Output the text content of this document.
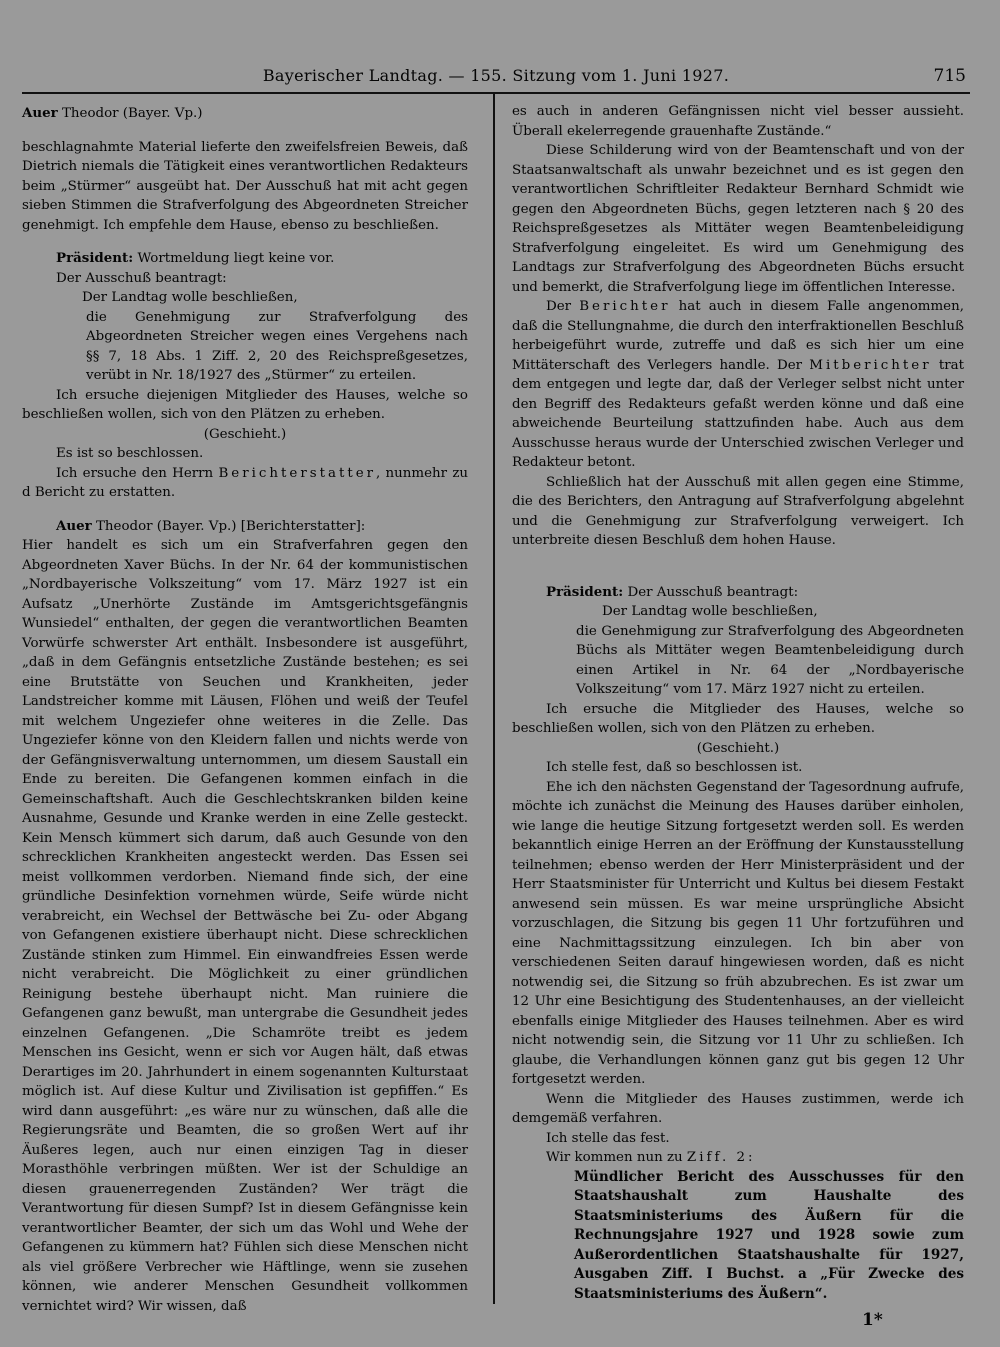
Bayerischer Landtag. — 155. Sitzung vom 1. Juni 1927.	715

Auer Theodor (Bayer. Vp.)

beschlagnahmte Material lieferte den zweifelsfreien Beweis, daß Dietrich niemals die Tätigkeit eines verantwortlichen Redakteurs beim „Stürmer“ ausgeübt hat. Der Ausschuß hat mit acht gegen sieben Stimmen die Strafverfolgung des Abgeordneten Streicher genehmigt. Ich empfehle dem Hause, ebenso zu beschließen.

Präsident: Wortmeldung liegt keine vor.

Der Ausschuß beantragt:

Der Landtag wolle beschließen,

die Genehmigung zur Strafverfolgung des Abgeordneten Streicher wegen eines Vergehens nach §§ 7, 18 Abs. 1 Ziff. 2, 20 des Reichspreßgesetzes, verübt in Nr. 18/1927 des „Stürmer“ zu erteilen.

Ich ersuche diejenigen Mitglieder des Hauses, welche so beschließen wollen, sich von den Plätzen zu erheben.

(Geschieht.)

Es ist so beschlossen.

Ich ersuche den Herrn Berichterstatter, nunmehr zu d Bericht zu erstatten.

Auer Theodor (Bayer. Vp.) [Berichterstatter]:

Hier handelt es sich um ein Strafverfahren gegen den Abgeordneten Xaver Büchs. In der Nr. 64 der kommunistischen „Nordbayerische Volkszeitung“ vom 17. März 1927 ist ein Aufsatz „Unerhörte Zustände im Amtsgerichtsgefängnis Wunsiedel“ enthalten, der gegen die verantwortlichen Beamten Vorwürfe schwerster Art enthält. Insbesondere ist ausgeführt, „daß in dem Gefängnis entsetzliche Zustände bestehen; es sei eine Brutstätte von Seuchen und Krankheiten, jeder Landstreicher komme mit Läusen, Flöhen und weiß der Teufel mit welchem Ungeziefer ohne weiteres in die Zelle. Das Ungeziefer könne von den Kleidern fallen und nichts werde von der Gefängnisverwaltung unternommen, um diesem Saustall ein Ende zu bereiten. Die Gefangenen kommen einfach in die Gemeinschaftshaft. Auch die Geschlechtskranken bilden keine Ausnahme, Gesunde und Kranke werden in eine Zelle gesteckt. Kein Mensch kümmert sich darum, daß auch Gesunde von den schrecklichen Krankheiten angesteckt werden. Das Essen sei meist vollkommen verdorben. Niemand finde sich, der eine gründliche Desinfektion vornehmen würde, Seife würde nicht verabreicht, ein Wechsel der Bettwäsche bei Zu- oder Abgang von Gefangenen existiere überhaupt nicht. Diese schrecklichen Zustände stinken zum Himmel. Ein einwandfreies Essen werde nicht verabreicht. Die Möglichkeit zu einer gründlichen Reinigung bestehe überhaupt nicht. Man ruiniere die Gefangenen ganz bewußt, man untergrabe die Gesundheit jedes einzelnen Gefangenen. „Die Schamröte treibt es jedem Menschen ins Gesicht, wenn er sich vor Augen hält, daß etwas Derartiges im 20. Jahrhundert in einem sogenannten Kulturstaat möglich ist. Auf diese Kultur und Zivilisation ist gepfiffen.“ Es wird dann ausgeführt: „es wäre nur zu wünschen, daß alle die Regierungsräte und Beamten, die so großen Wert auf ihr Äußeres legen, auch nur einen einzigen Tag in dieser Morasthöhle verbringen müßten. Wer ist der Schuldige an diesen grauenerregenden Zuständen? Wer trägt die Verantwortung für diesen Sumpf? Ist in diesem Gefängnisse kein verantwortlicher Beamter, der sich um das Wohl und Wehe der Gefangenen zu kümmern hat? Fühlen sich diese Menschen nicht als viel größere Verbrecher wie Häftlinge, wenn sie zusehen können, wie anderer Menschen Gesundheit vollkommen vernichtet wird? Wir wissen, daß

es auch in anderen Gefängnissen nicht viel besser aussieht. Überall ekelerregende grauenhafte Zustände.“

Diese Schilderung wird von der Beamtenschaft und von der Staatsanwaltschaft als unwahr bezeichnet und es ist gegen den verantwortlichen Schriftleiter Redakteur Bernhard Schmidt wie gegen den Abgeordneten Büchs, gegen letzteren nach § 20 des Reichspreßgesetzes als Mittäter wegen Beamtenbeleidigung Strafverfolgung eingeleitet. Es wird um Genehmigung des Landtags zur Strafverfolgung des Abgeordneten Büchs ersucht und bemerkt, die Strafverfolgung liege im öffentlichen Interesse.

Der Berichter hat auch in diesem Falle angenommen, daß die Stellungnahme, die durch den interfraktionellen Beschluß herbeigeführt wurde, zutreffe und daß es sich hier um eine Mittäterschaft des Verlegers handle. Der Mitberichter trat dem entgegen und legte dar, daß der Verleger selbst nicht unter den Begriff des Redakteurs gefaßt werden könne und daß eine abweichende Beurteilung stattzufinden habe. Auch aus dem Ausschusse heraus wurde der Unterschied zwischen Verleger und Redakteur betont.

Schließlich hat der Ausschuß mit allen gegen eine Stimme, die des Berichters, den Antragung auf Strafverfolgung abgelehnt und die Genehmigung zur Strafverfolgung verweigert. Ich unterbreite diesen Beschluß dem hohen Hause.

Präsident: Der Ausschuß beantragt:

Der Landtag wolle beschließen,

die Genehmigung zur Strafverfolgung des Abgeordneten Büchs als Mittäter wegen Beamtenbeleidigung durch einen Artikel in Nr. 64 der „Nordbayerische Volkszeitung“ vom 17. März 1927 nicht zu erteilen.

Ich ersuche die Mitglieder des Hauses, welche so beschließen wollen, sich von den Plätzen zu erheben.

(Geschieht.)

Ich stelle fest, daß so beschlossen ist.

Ehe ich den nächsten Gegenstand der Tagesordnung aufrufe, möchte ich zunächst die Meinung des Hauses darüber einholen, wie lange die heutige Sitzung fortgesetzt werden soll. Es werden bekanntlich einige Herren an der Eröffnung der Kunstausstellung teilnehmen; ebenso werden der Herr Ministerpräsident und der Herr Staatsminister für Unterricht und Kultus bei diesem Festakt anwesend sein müssen. Es war meine ursprüngliche Absicht vorzuschlagen, die Sitzung bis gegen 11 Uhr fortzuführen und eine Nachmittagssitzung einzulegen. Ich bin aber von verschiedenen Seiten darauf hingewiesen worden, daß es nicht notwendig sei, die Sitzung so früh abzubrechen. Es ist zwar um 12 Uhr eine Besichtigung des Studentenhauses, an der vielleicht ebenfalls einige Mitglieder des Hauses teilnehmen. Aber es wird nicht notwendig sein, die Sitzung vor 11 Uhr zu schließen. Ich glaube, die Verhandlungen können ganz gut bis gegen 12 Uhr fortgesetzt werden.

Wenn die Mitglieder des Hauses zustimmen, werde ich demgemäß verfahren.

Ich stelle das fest.

Wir kommen nun zu Ziff. 2:

Mündlicher Bericht des Ausschusses für den Staatshaushalt zum Haushalte des Staatsministeriums des Äußern für die Rechnungsjahre 1927 und 1928 sowie zum Außerordentlichen Staatshaushalte für 1927, Ausgaben Ziff. I Buchst. a „Für Zwecke des Staatsministeriums des Äußern“.

1*
